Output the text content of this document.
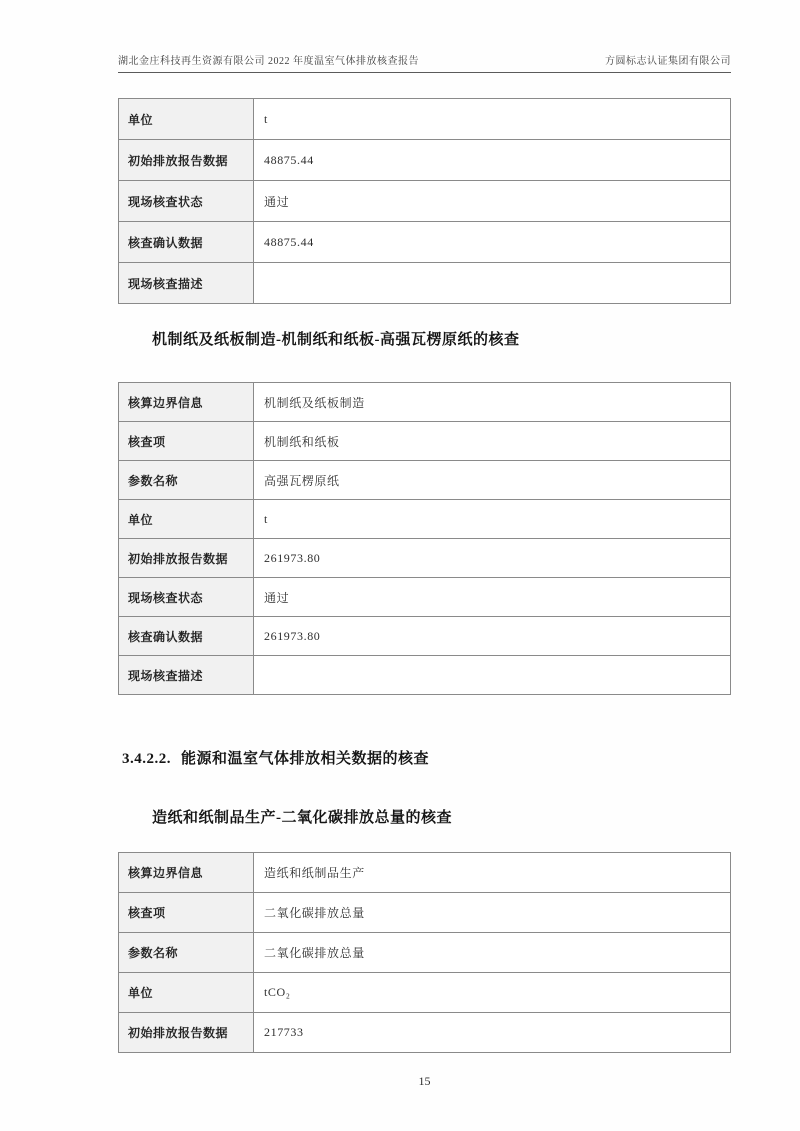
湖北金庄科技再生资源有限公司 2022 年度温室气体排放核查报告	方圆标志认证集团有限公司
单位	t
初始排放报告数据	48875.44
现场核查状态	通过
核查确认数据	48875.44
现场核查描述	
机制纸及纸板制造-机制纸和纸板-高强瓦楞原纸的核查
核算边界信息	机制纸及纸板制造
核查项	机制纸和纸板
参数名称	高强瓦楞原纸
单位	t
初始排放报告数据	261973.80
现场核查状态	通过
核查确认数据	261973.80
现场核查描述	
3.4.2.2. 能源和温室气体排放相关数据的核查
造纸和纸制品生产-二氧化碳排放总量的核查
核算边界信息	造纸和纸制品生产
核查项	二氧化碳排放总量
参数名称	二氧化碳排放总量
单位	tCO₂
初始排放报告数据	217733
15
